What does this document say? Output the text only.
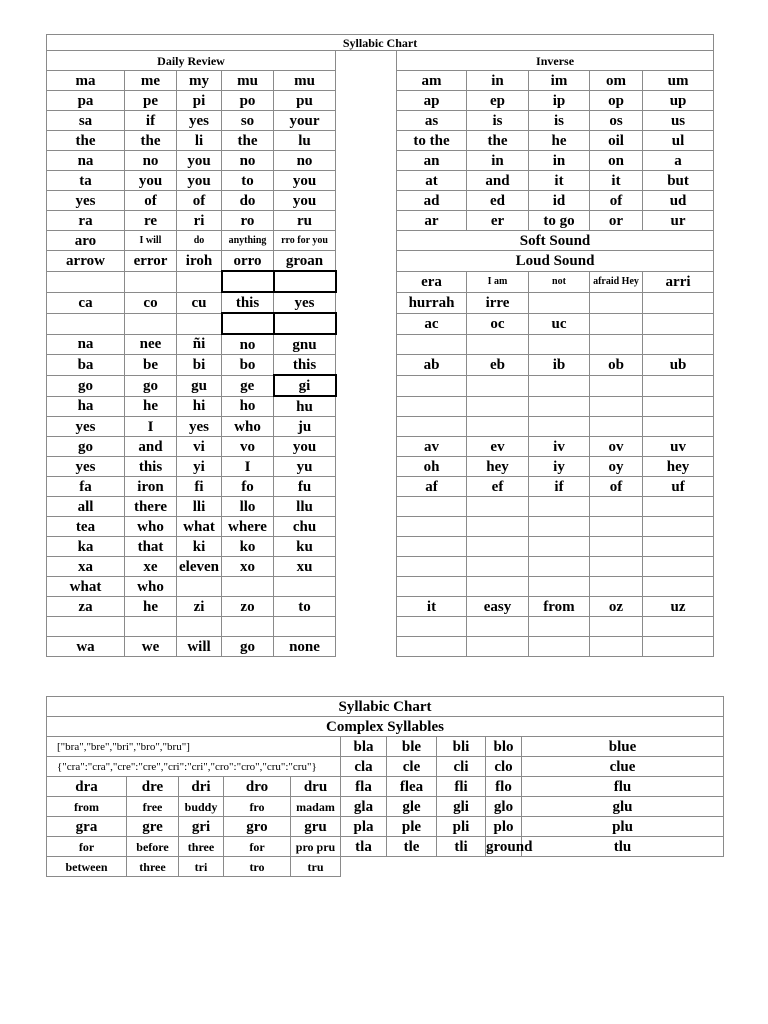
Syllabic Chart										
Daily Review						Inverse				
ma	me	my	mu	mu		am	in	im	om	um
pa	pe	pi	po	pu		ap	ep	ip	op	up
sa	if	yes	so	your		as	is	is	os	us
the	the	li	the	lu		to the	the	he	oil	ul
na	no	you	no	no		an	in	in	on	a
ta	you	you	to	you		at	and	it	it	but
yes	of	of	do	you		ad	ed	id	of	ud
ra	re	ri	ro	ru		ar	er	to go	or	ur
aro	I will	do	anything	rro for you		Soft Sound				
arrow	error	iroh	orro	groan		Loud Sound				
						era	I am	not	afraid Hey	arri
ca	co	cu	this	yes		hurrah	irre			
						ac	oc	uc		
na	nee	ñi	no	gnu						
ba	be	bi	bo	this		ab	eb	ib	ob	ub
go	go	gu	ge	gi						
ha	he	hi	ho	hu						
yes	I	yes	who	ju						
go	and	vi	vo	you		av	ev	iv	ov	uv
yes	this	yi	I	yu		oh	hey	iy	oy	hey
fa	iron	fi	fo	fu		af	ef	if	of	uf
all	there	lli	llo	llu						
tea	who	what	where	chu						
ka	that	ki	ko	ku						
xa	xe	eleven	xo	xu						
what	who									
za	he	zi	zo	to		it	easy	from	oz	uz

wa	we	will	go	none						
Syllabic Chart									
Complex Syllables									
["bra","bre","bri","bro","bru"]					bla	ble	bli	blo	blue
{"cra":"cra","cre":"cre","cri":"cri","cro":"cro","cru":"cru"}					cla	cle	cli	clo	clue
dra	dre	dri	dro	dru	fla	flea	fli	flo	flu
from	free	buddy	fro	madam	gla	gle	gli	glo	glu
gra	gre	gri	gro	gru	pla	ple	pli	plo	plu
for	before	three	for	pro pru	tla	tle	tli	ground	tlu
between	three	tri	tro	tru					
